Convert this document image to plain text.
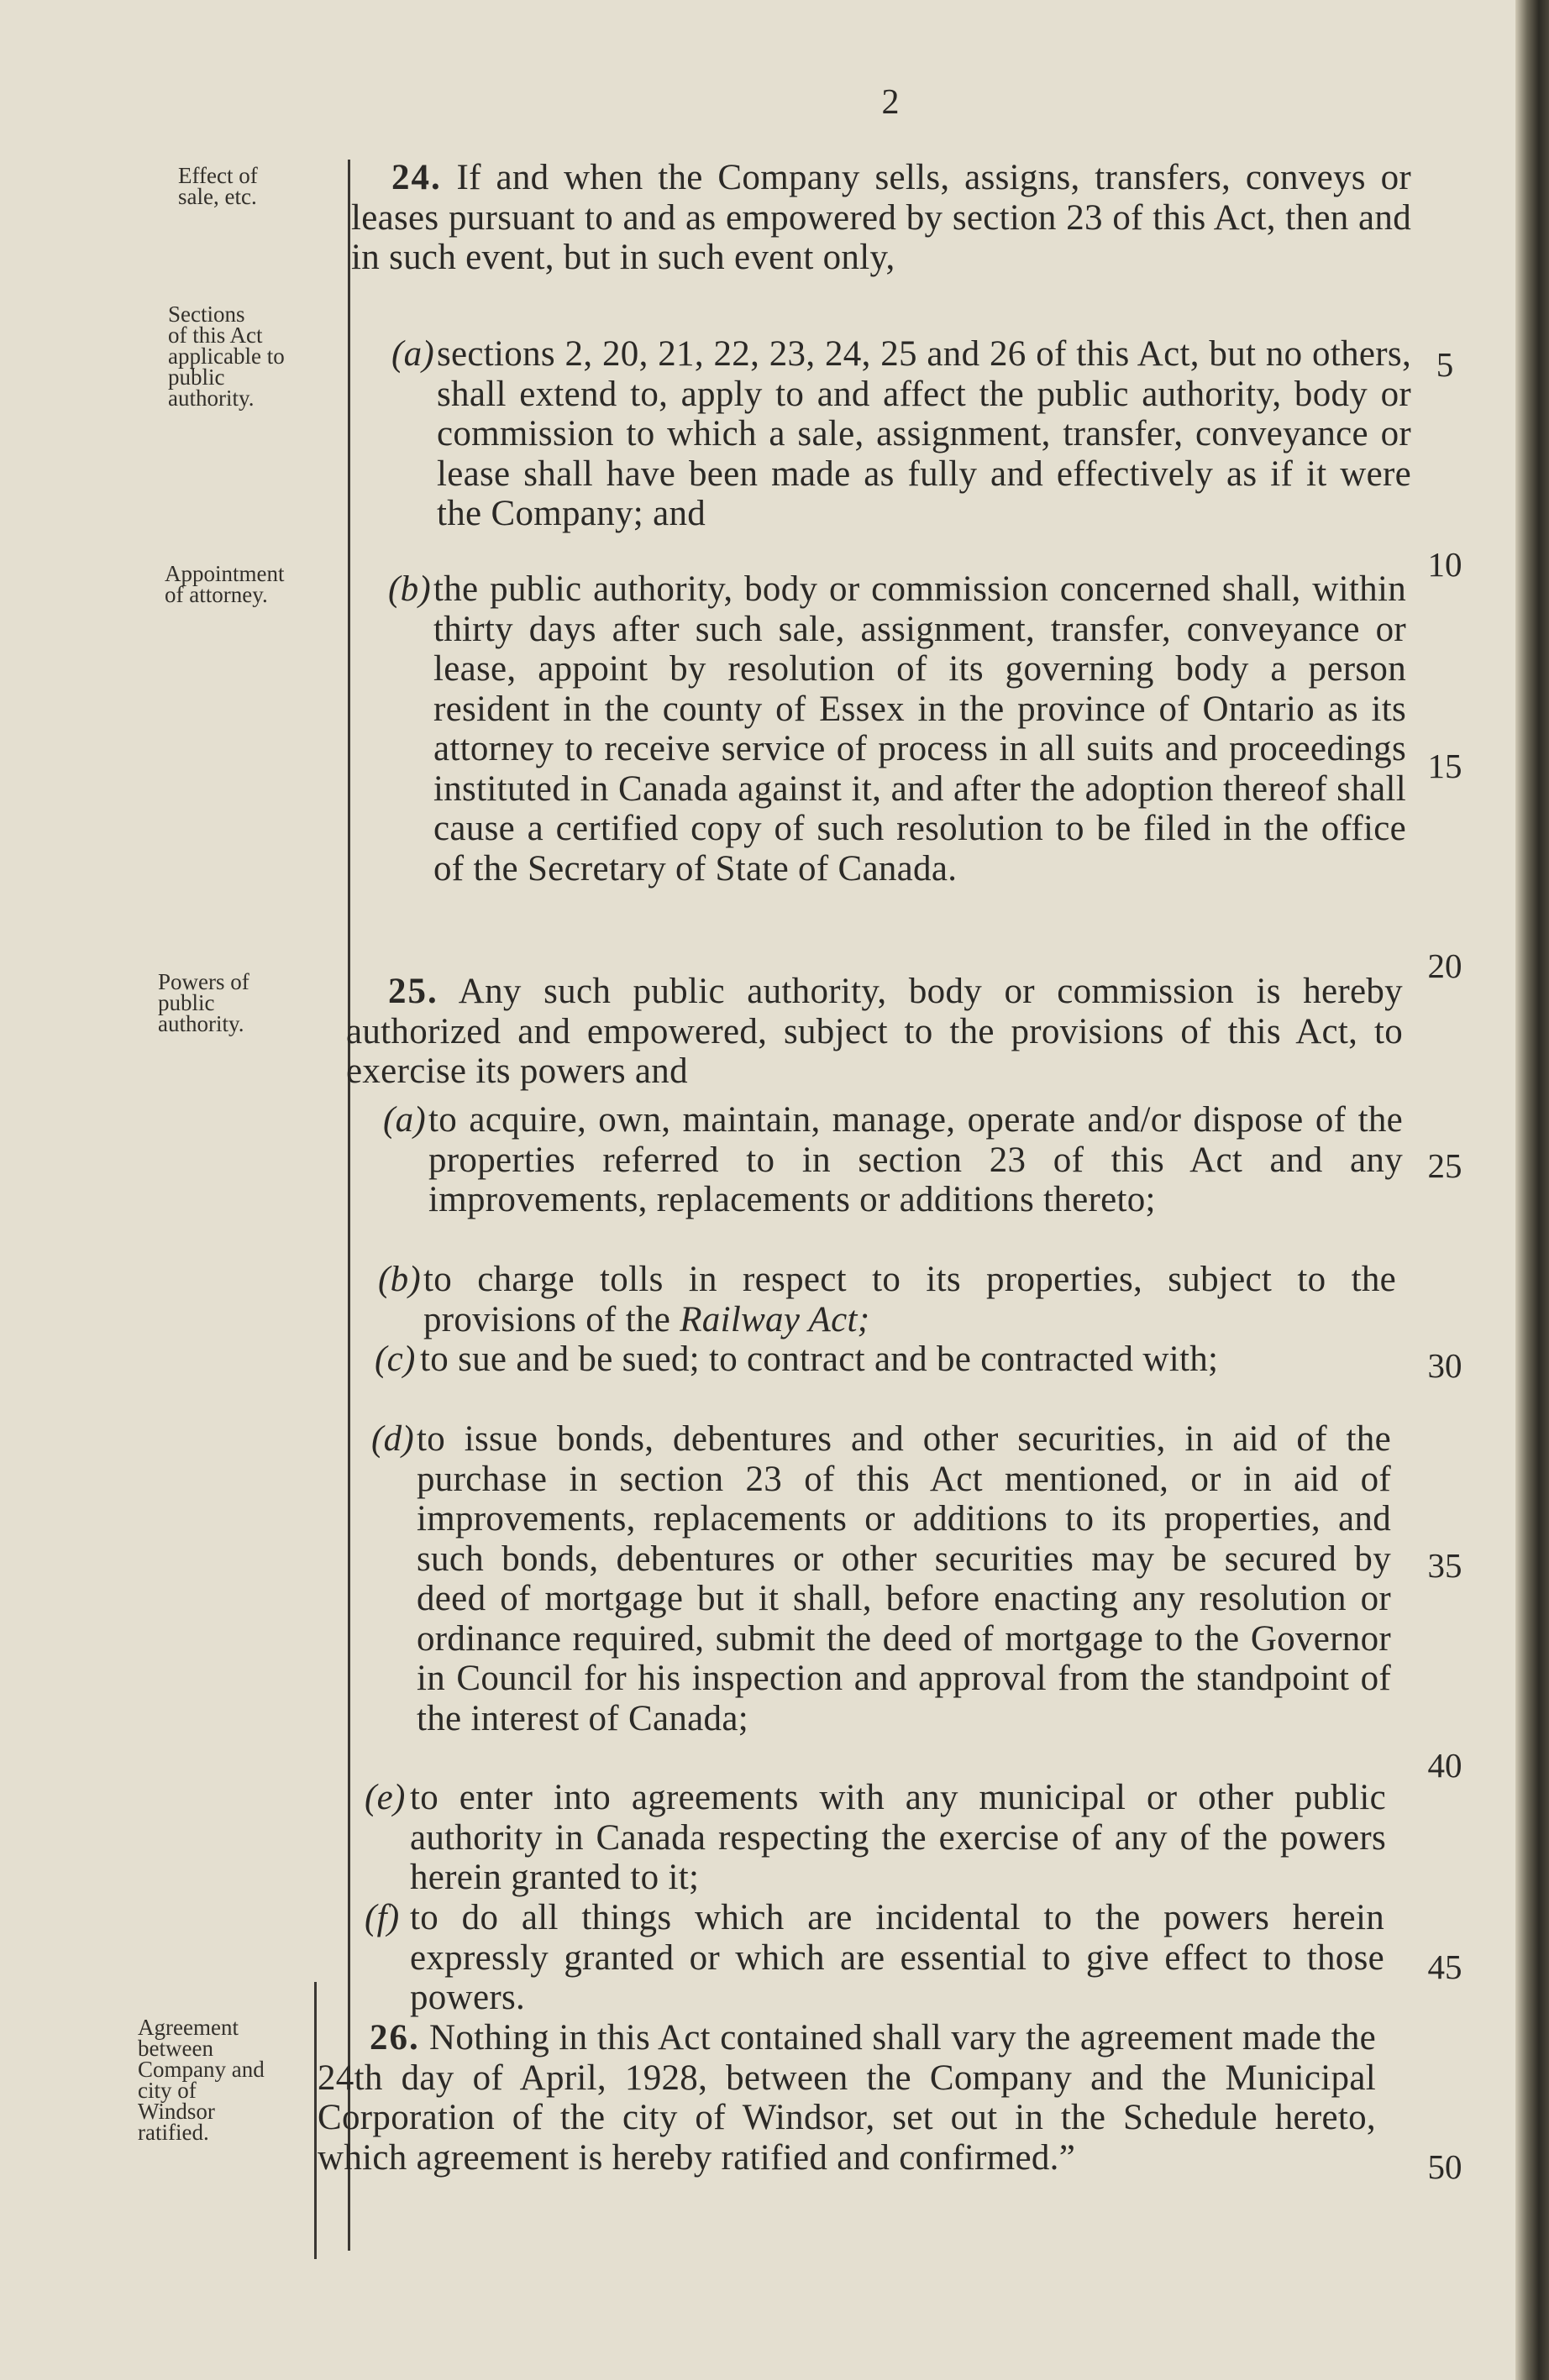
2
Effect of
sale, etc.
Sections
of this Act
applicable to
public
authority.
Appointment
of attorney.
Powers of
public
authority.
Agreement
between
Company and
city of
Windsor
ratified.
24. If and when the Company sells, assigns, transfers, conveys or leases pursuant to and as empowered by section 23 of this Act, then and in such event, but in such event only,
(a) sections 2, 20, 21, 22, 23, 24, 25 and 26 of this Act, but no others, shall extend to, apply to and affect the public authority, body or commission to which a sale, assignment, transfer, conveyance or lease shall have been made as fully and effectively as if it were the Company; and
(b) the public authority, body or commission concerned shall, within thirty days after such sale, assignment, transfer, conveyance or lease, appoint by resolution of its governing body a person resident in the county of Essex in the province of Ontario as its attorney to receive service of process in all suits and proceedings instituted in Canada against it, and after the adoption thereof shall cause a certified copy of such resolution to be filed in the office of the Secretary of State of Canada.
25. Any such public authority, body or commission is hereby authorized and empowered, subject to the provisions of this Act, to exercise its powers and
(a) to acquire, own, maintain, manage, operate and/or dispose of the properties referred to in section 23 of this Act and any improvements, replacements or additions thereto;
(b) to charge tolls in respect to its properties, subject to the provisions of the Railway Act;
(c) to sue and be sued; to contract and be contracted with;
(d) to issue bonds, debentures and other securities, in aid of the purchase in section 23 of this Act mentioned, or in aid of improvements, replacements or additions to its properties, and such bonds, debentures or other securities may be secured by deed of mortgage but it shall, before enacting any resolution or ordinance required, submit the deed of mortgage to the Governor in Council for his inspection and approval from the standpoint of the interest of Canada;
(e) to enter into agreements with any municipal or other public authority in Canada respecting the exercise of any of the powers herein granted to it;
(f) to do all things which are incidental to the powers herein expressly granted or which are essential to give effect to those powers.
26. Nothing in this Act contained shall vary the agreement made the 24th day of April, 1928, between the Company and the Municipal Corporation of the city of Windsor, set out in the Schedule hereto, which agreement is hereby ratified and confirmed.”
5
10
15
20
25
30
35
40
45
50
